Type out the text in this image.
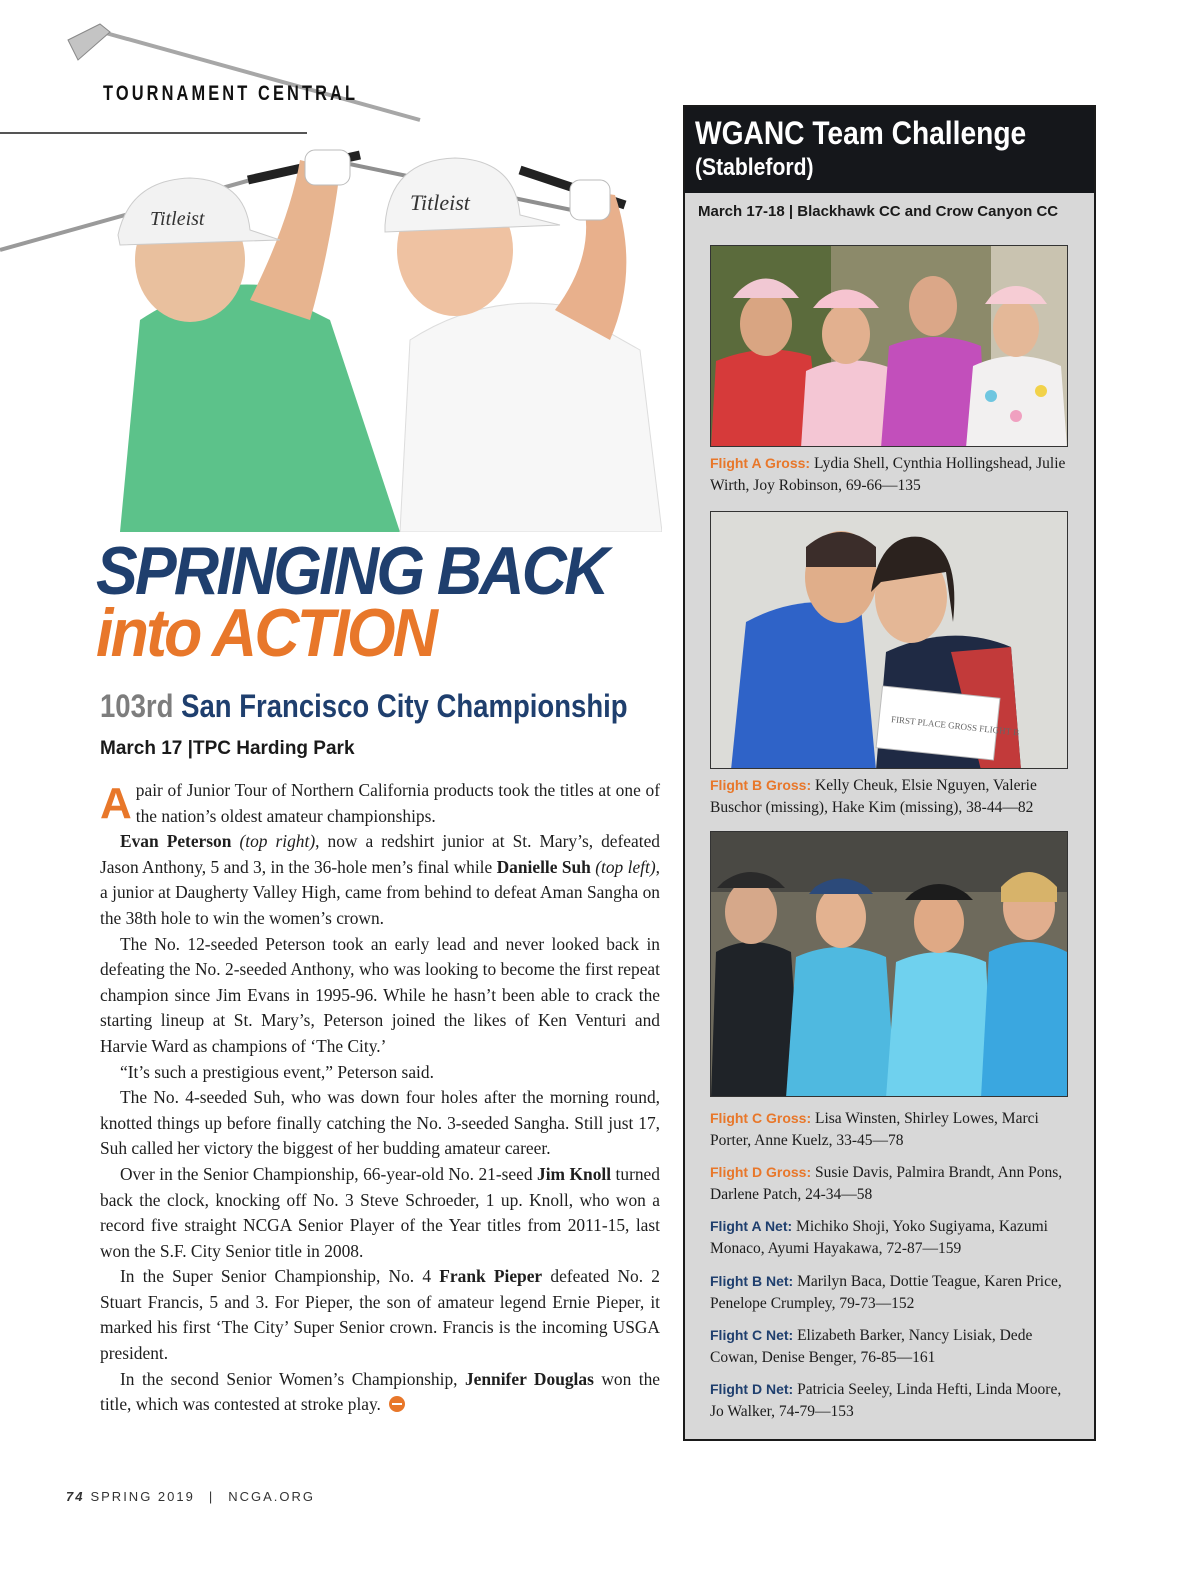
Titleist
Titleist
TOURNAMENT CENTRAL
SPRINGING BACK
into ACTION
103rd San Francisco City Championship
March 17 |TPC Harding Park

Apair of Junior Tour of Northern California products took the titles at one of the nation’s oldest amateur championships.

Evan Peterson (top right), now a redshirt junior at St. Mary’s, defeated Jason Anthony, 5 and 3, in the 36-hole men’s final while Danielle Suh (top left), a junior at Daugherty Valley High, came from behind to defeat Aman Sangha on the 38th hole to win the women’s crown.

The No. 12-seeded Peterson took an early lead and never looked back in defeating the No. 2-seeded Anthony, who was looking to become the first repeat champion since Jim Evans in 1995-96. While he hasn’t been able to crack the starting lineup at St. Mary’s, Peterson joined the likes of Ken Venturi and Harvie Ward as champions of ‘The City.’

“It’s such a prestigious event,” Peterson said.

The No. 4-seeded Suh, who was down four holes after the morning round, knotted things up before finally catching the No. 3-seeded Sangha. Still just 17, Suh called her victory the biggest of her budding amateur career.

Over in the Senior Championship, 66-year-old No. 21-seed Jim Knoll turned back the clock, knocking off No. 3 Steve Schroeder, 1 up. Knoll, who won a record five straight NCGA Senior Player of the Year titles from 2011-15, last won the S.F. City Senior title in 2008.

In the Super Senior Championship, No. 4 Frank Pieper defeated No. 2 Stuart Francis, 5 and 3. For Pieper, the son of amateur legend Ernie Pieper, it marked his first ‘The City’ Super Senior crown. Francis is the incoming USGA president.

In the second Senior Women’s Championship, Jennifer Douglas won the title, which was contested at stroke play.

74 SPRING 2019 | NCGA.ORG
WGANC Team Challenge
(Stableford)
March 17-18 | Blackhawk CC and Crow Canyon CC
Flight A Gross: Lydia Shell, Cynthia Hollingshead, Julie Wirth, Joy Robinson, 69-66—135
FIRST PLACE GROSS FLIGHT B
Flight B Gross: Kelly Cheuk, Elsie Nguyen, Valerie Buschor (missing), Hake Kim (missing), 38-44—82
Flight C Gross: Lisa Winsten, Shirley Lowes, Marci Porter, Anne Kuelz, 33-45—78
Flight D Gross: Susie Davis, Palmira Brandt, Ann Pons, Darlene Patch, 24-34—58
Flight A Net: Michiko Shoji, Yoko Sugiyama, Kazumi Monaco, Ayumi Hayakawa, 72-87—159
Flight B Net: Marilyn Baca, Dottie Teague, Karen Price, Penelope Crumpley, 79-73—152
Flight C Net: Elizabeth Barker, Nancy Lisiak, Dede Cowan, Denise Benger, 76-85—161
Flight D Net: Patricia Seeley, Linda Hefti, Linda Moore, Jo Walker, 74-79—153
